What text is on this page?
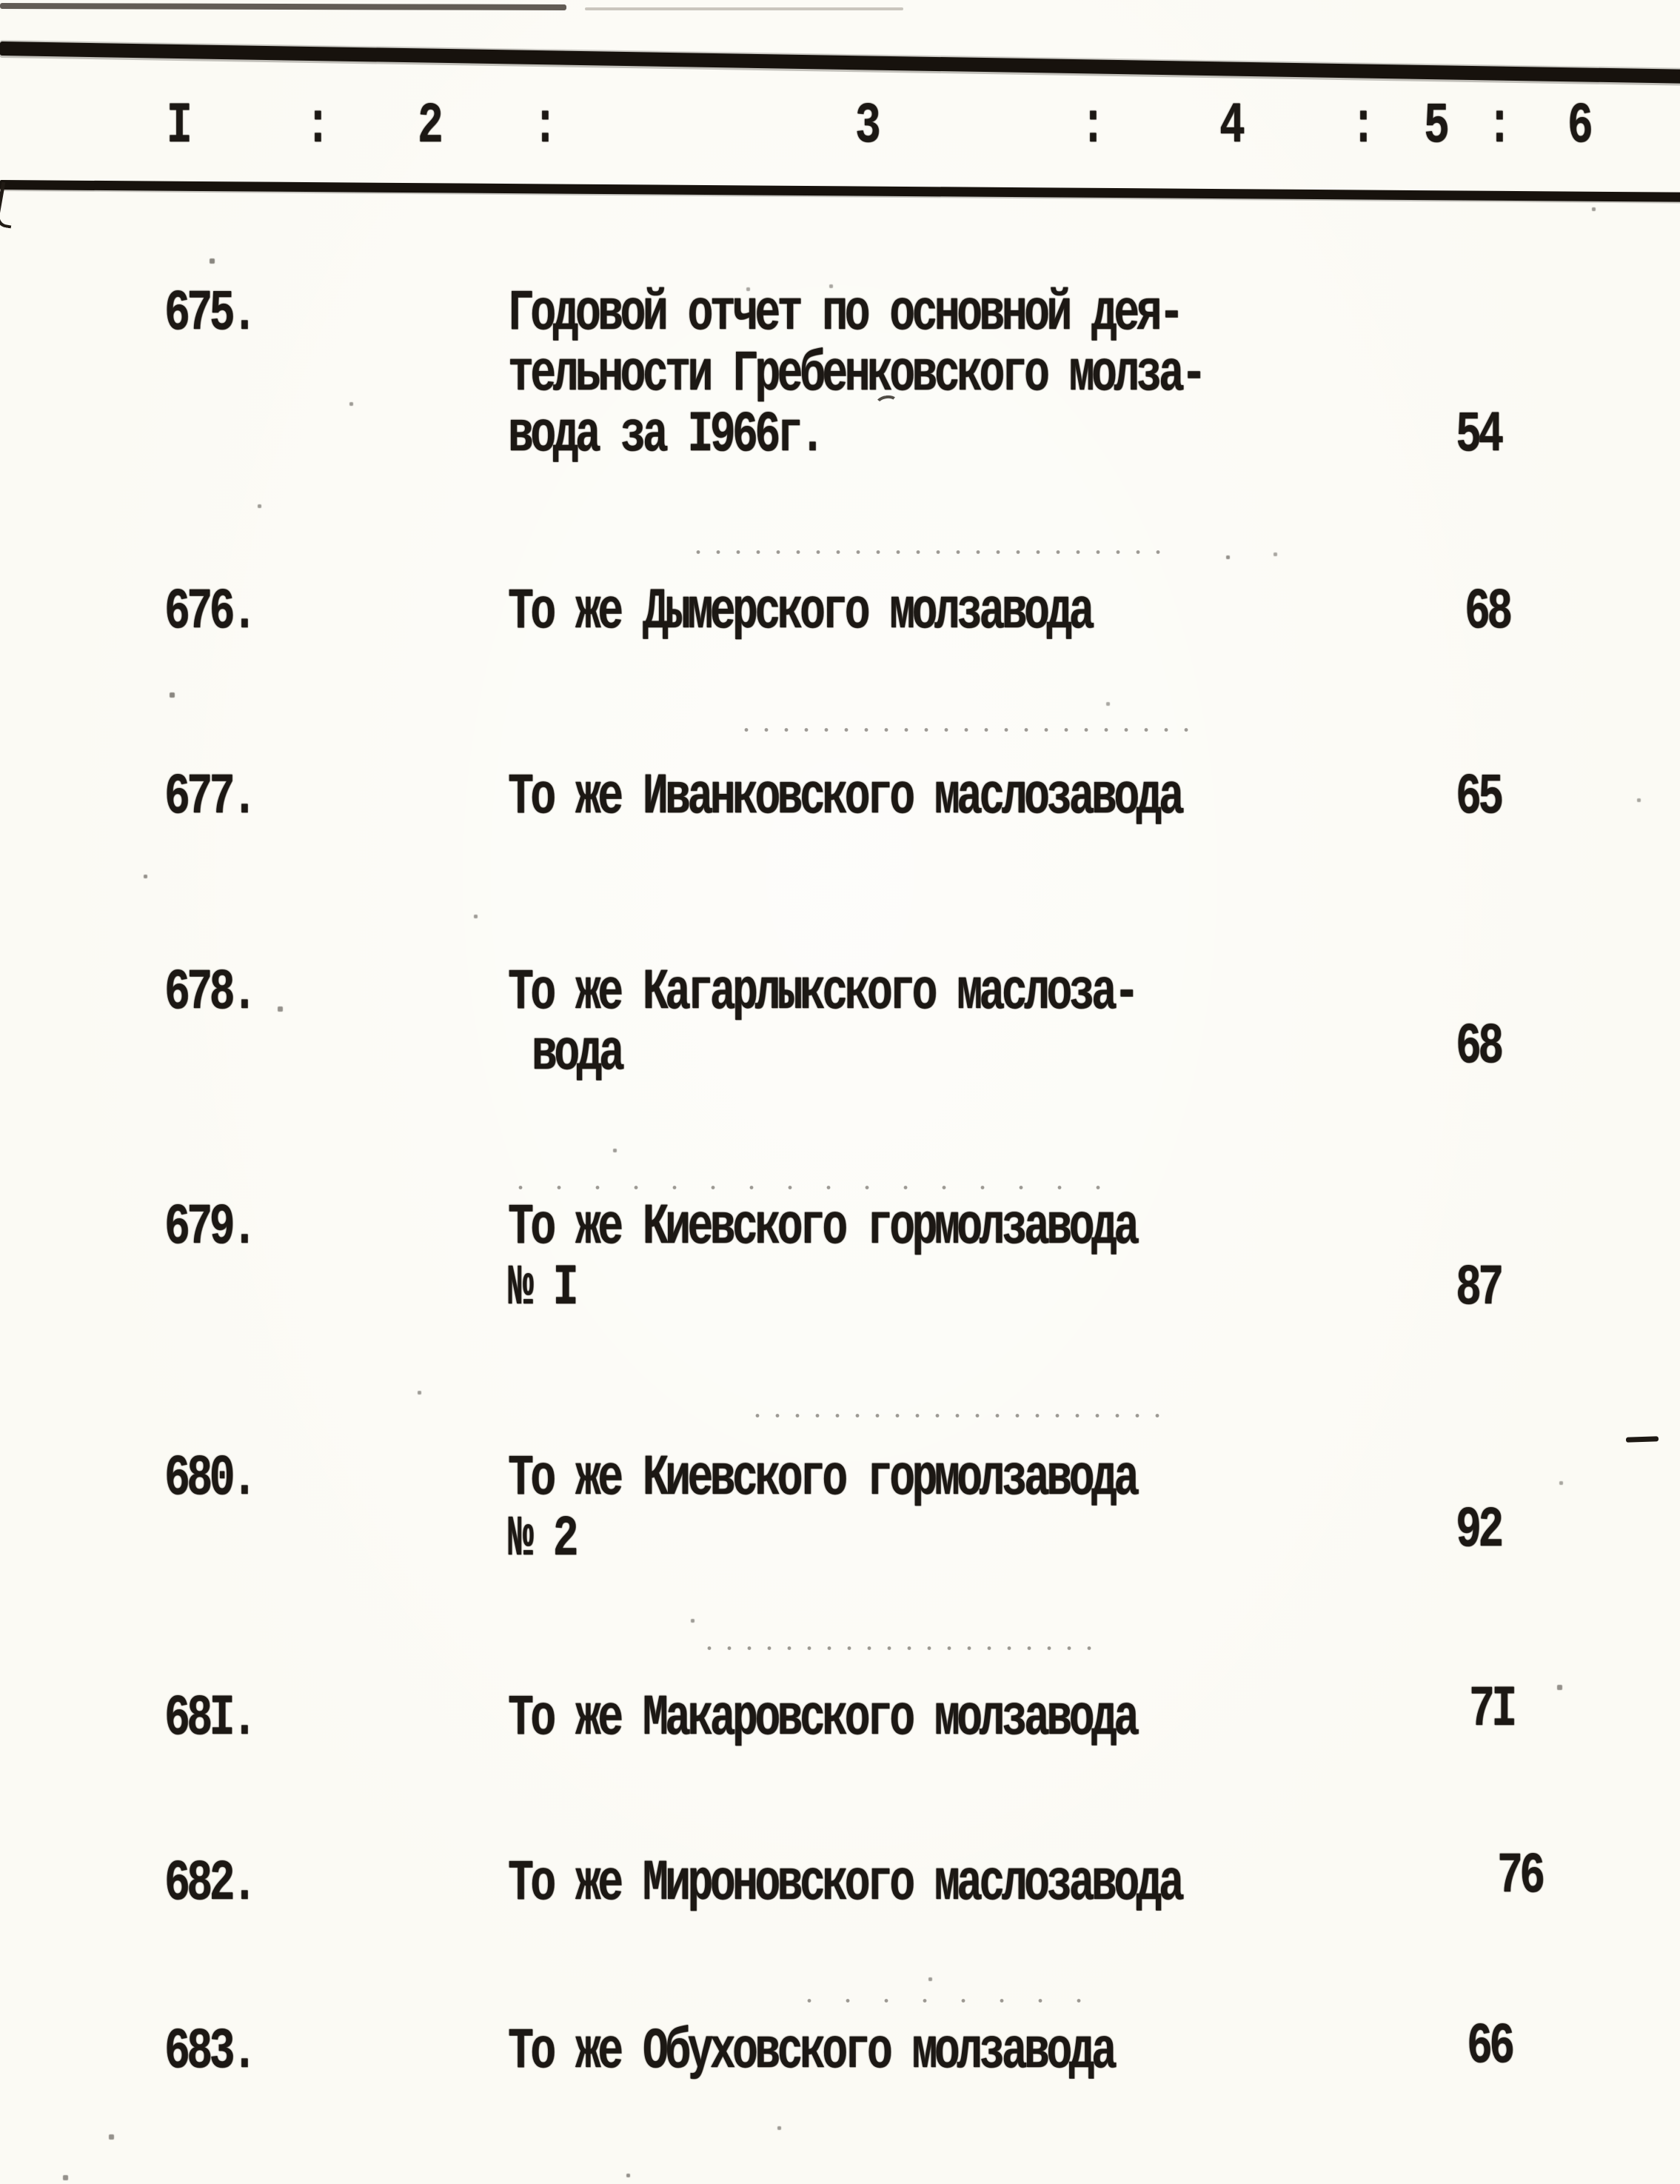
I	: 2 :	3	:	4	: 5 : 6
675.	Годовой отчет по основной дея-
тельности Гребенковского молза-
вода за I966г.	54
676.	То же Дымерского молзавода	68
677.	То же Иванковского маслозавода	65
678.	То же Кагарлыкского маслоза-
вода	68
679.	То же Киевского гормолзавода
№ I	87
680.	То же Киевского гормолзавода
№ 2	92
68I.	То же Макаровского молзавода	7I
682.	То же Мироновского маслозавода	76
683.	То же Обуховского молзавода	66
